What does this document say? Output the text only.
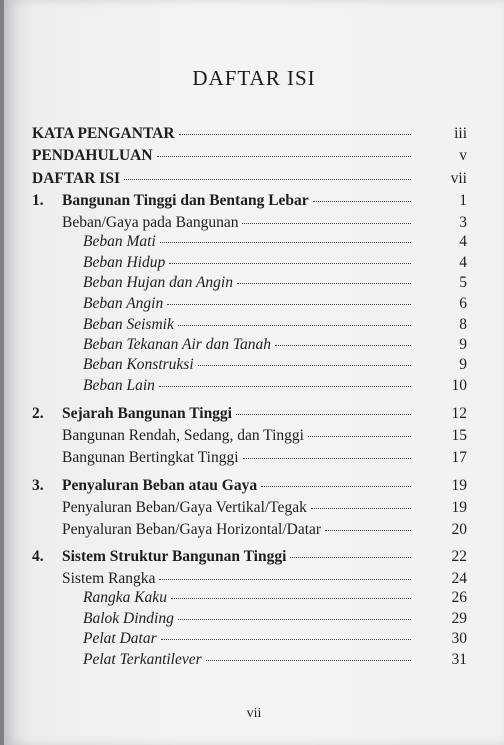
DAFTAR ISI
KATA PENGANTAR	iii
PENDAHULUAN	v
DAFTAR ISI	vii
1.	Bangunan Tinggi dan Bentang Lebar	1
Beban/Gaya pada Bangunan	3
Beban Mati	4
Beban Hidup	4
Beban Hujan dan Angin	5
Beban Angin	6
Beban Seismik	8
Beban Tekanan Air dan Tanah	9
Beban Konstruksi	9
Beban Lain	10
2.	Sejarah Bangunan Tinggi	12
Bangunan Rendah, Sedang, dan Tinggi	15
Bangunan Bertingkat Tinggi	17
3.	Penyaluran Beban atau Gaya	19
Penyaluran Beban/Gaya Vertikal/Tegak	19
Penyaluran Beban/Gaya Horizontal/Datar	20
4.	Sistem Struktur Bangunan Tinggi	22
Sistem Rangka	24
Rangka Kaku	26
Balok Dinding	29
Pelat Datar	30
Pelat Terkantilever	31
vii
